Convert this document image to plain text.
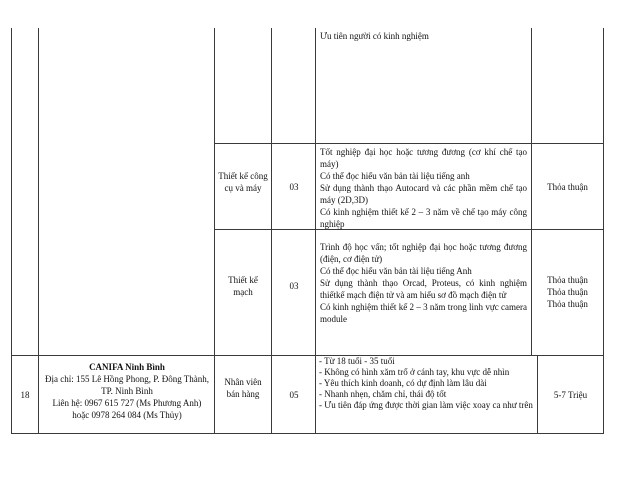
Ưu tiên người có kinh nghiệm

Thiết kế công cụ và máy	03

Tốt nghiệp đại học hoặc tương đương (cơ khí chế tạo máy)

Có thể đọc hiểu văn bản tài liệu tiếng anh

Sử dụng thành thạo Autocard và các phần mềm chế tạo máy (2D,3D)

Có kinh nghiệm thiết kế 2 – 3 năm về chế tạo máy công nghiệp

Thỏa thuận

Thiết kế mạch

03

Trình độ học vấn; tốt nghiệp đại học hoặc tương đương (điện, cơ điện tử)

Có thể đọc hiểu văn bản tài liệu tiếng Anh

Sử dụng thành thạo Orcad, Proteus, có kinh nghiệm thiếtkế mạch điện tử và am hiểu sơ đồ mạch điện tử

Có kinh nghiệm thiết kế 2 – 3 năm trong linh vực camera module

Thỏa thuận

Thỏa thuận

Thỏa thuận

18

CANIFA Ninh Bình

Địa chỉ: 155 Lê Hồng Phong, P. Đông Thành, TP. Ninh Bình

Liên hệ: 0967 615 727 (Ms Phương Anh) hoặc 0978 264 084 (Ms Thủy)

Nhân viên bán hàng	05

- Từ 18 tuổi - 35 tuổi

- Không có hình xăm trổ ở cánh tay, khu vực dễ nhìn

- Yêu thích kinh doanh, có dự định làm lâu dài

- Nhanh nhẹn, chăm chỉ, thái độ tốt

- Ưu tiên đáp ứng được thời gian làm việc xoay ca như trên

5-7 Triệu
